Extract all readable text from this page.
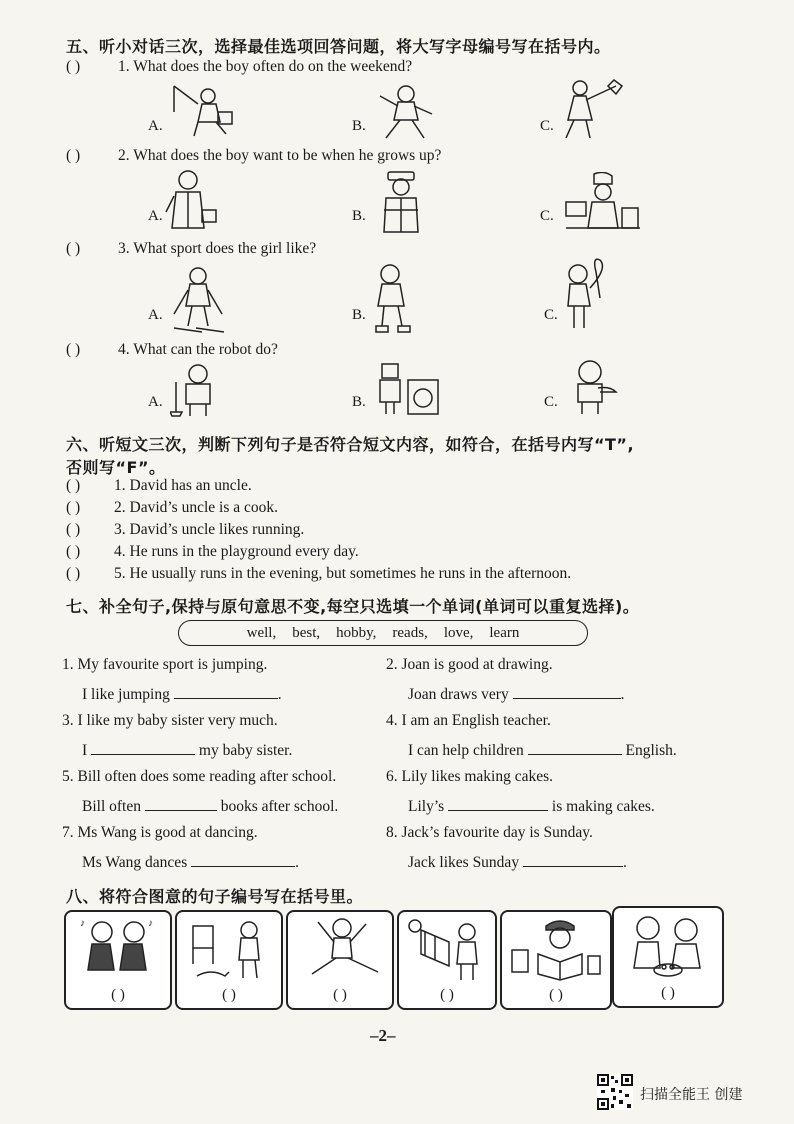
五、听小对话三次，选择最佳选项回答问题，将大写字母编号写在括号内。
( ) 1. What does the boy often do on the weekend?
( ) 2. What does the boy want to be when he grows up?
( ) 3. What sport does the girl like?
( ) 4. What can the robot do?
A.	B.	C.
A.	B.	C.
A.	B.	C.
A.	B.	C.
六、听短文三次，判断下列句子是否符合短文内容，如符合，在括号内写“T”,
否则写“F”。
( ) 1. David has an uncle.
( ) 2. David’s uncle is a cook.
( ) 3. David’s uncle likes running.
( ) 4. He runs in the playground every day.
( ) 5. He usually runs in the evening, but sometimes he runs in the afternoon.
七、补全句子,保持与原句意思不变,每空只选填一个单词(单词可以重复选择)。
well, best, hobby, reads, love, learn
1. My favourite sport is jumping.	2. Joan is good at drawing.
I like jumping	.	Joan draws very	.
3. I like my baby sister very much.	4. I am an English teacher.
I	my baby sister.	I can help children	English.
5. Bill often does some reading after school.	6. Lily likes making cakes.
Bill often	books after school.	Lily’s	is making cakes.
7. Ms Wang is good at dancing.	8. Jack’s favourite day is Sunday.
Ms Wang dances	.	Jack likes Sunday	.
八、将符合图意的句子编号写在括号里。
♪	♪
( )	( )	( )	( )	( )	( )
–2–
扫描全能王 创建
